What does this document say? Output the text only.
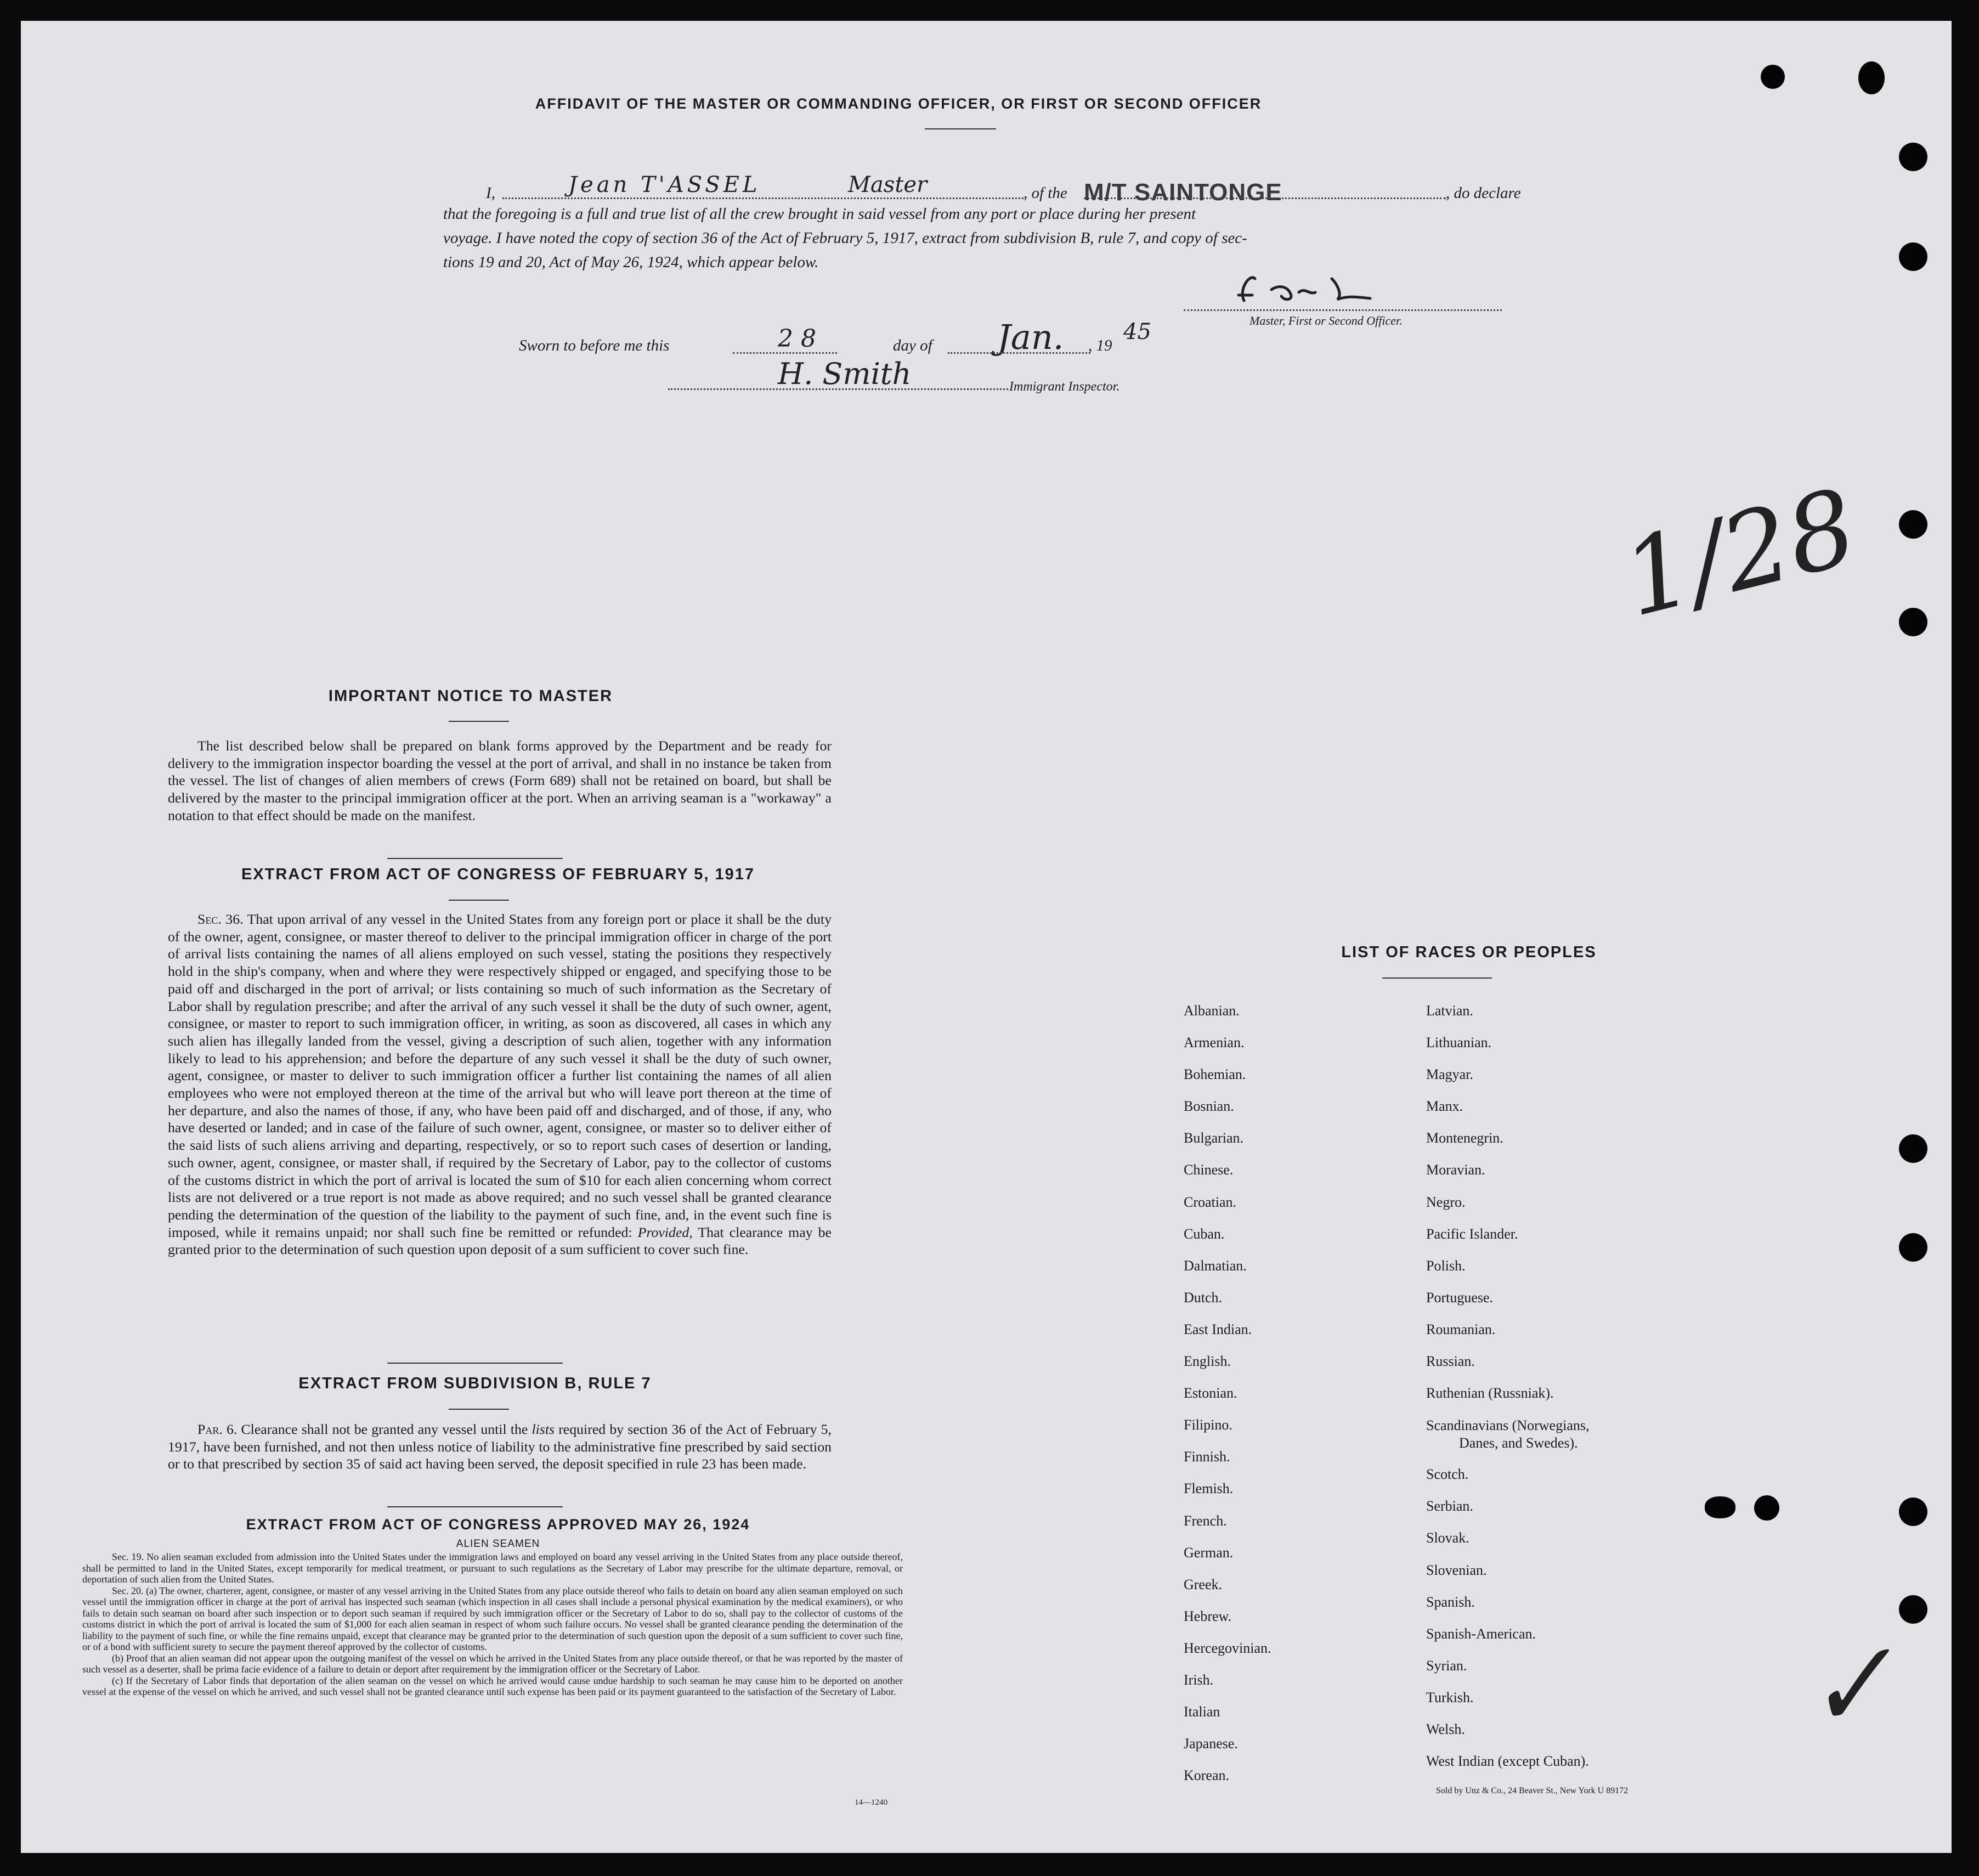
AFFIDAVIT OF THE MASTER OR COMMANDING OFFICER, OR FIRST OR SECOND OFFICER
I,	Jean T'ASSEL	Master	, of the M/T SAINTONGE	, do declare
that the foregoing is a full and true list of all the crew brought in said vessel from any port or place during her present
voyage. I have noted the copy of section 36 of the Act of February 5, 1917, extract from subdivision B, rule 7, and copy of sec-
tions 19 and 20, Act of May 26, 1924, which appear below.
Master, First or Second Officer.
Sworn to before me this	28	day of Jan. , 19
45
H. Smith	Immigrant Inspector.
1/28
✓
IMPORTANT NOTICE TO MASTER
The list described below shall be prepared on blank forms approved by the Department and be ready for delivery to the immigration inspector boarding the vessel at the port of arrival, and shall in no instance be taken from the vessel. The list of changes of alien members of crews (Form 689) shall not be retained on board, but shall be delivered by the master to the principal immigration officer at the port. When an arriving seaman is a "workaway" a notation to that effect should be made on the manifest.
EXTRACT FROM ACT OF CONGRESS OF FEBRUARY 5, 1917
Sec. 36. That upon arrival of any vessel in the United States from any foreign port or place it shall be the duty of the owner, agent, consignee, or master thereof to deliver to the principal immigration officer in charge of the port of arrival lists containing the names of all aliens employed on such vessel, stating the positions they respectively hold in the ship's company, when and where they were respectively shipped or engaged, and specifying those to be paid off and discharged in the port of arrival; or lists containing so much of such information as the Secretary of Labor shall by regulation prescribe; and after the arrival of any such vessel it shall be the duty of such owner, agent, consignee, or master to report to such immigration officer, in writing, as soon as discovered, all cases in which any such alien has illegally landed from the vessel, giving a description of such alien, together with any information likely to lead to his apprehension; and before the departure of any such vessel it shall be the duty of such owner, agent, consignee, or master to deliver to such immigration officer a further list containing the names of all alien employees who were not employed thereon at the time of the arrival but who will leave port thereon at the time of her departure, and also the names of those, if any, who have been paid off and discharged, and of those, if any, who have deserted or landed; and in case of the failure of such owner, agent, consignee, or master so to deliver either of the said lists of such aliens arriving and departing, respectively, or so to report such cases of desertion or landing, such owner, agent, consignee, or master shall, if required by the Secretary of Labor, pay to the collector of customs of the customs district in which the port of arrival is located the sum of $10 for each alien concerning whom correct lists are not delivered or a true report is not made as above required; and no such vessel shall be granted clearance pending the determination of the question of the liability to the payment of such fine, and, in the event such fine is imposed, while it remains unpaid; nor shall such fine be remitted or refunded: Provided, That clearance may be granted prior to the determination of such question upon deposit of a sum sufficient to cover such fine.
EXTRACT FROM SUBDIVISION B, RULE 7
Par. 6. Clearance shall not be granted any vessel until the lists required by section 36 of the Act of February 5, 1917, have been furnished, and not then unless notice of liability to the administrative fine prescribed by said section or to that prescribed by section 35 of said act having been served, the deposit specified in rule 23 has been made.
EXTRACT FROM ACT OF CONGRESS APPROVED MAY 26, 1924
ALIEN SEAMEN
Sec. 19. No alien seaman excluded from admission into the United States under the immigration laws and employed on board any vessel arriving in the United States from any place outside thereof, shall be permitted to land in the United States, except temporarily for medical treatment, or pursuant to such regulations as the Secretary of Labor may prescribe for the ultimate departure, removal, or deportation of such alien from the United States.
Sec. 20. (a) The owner, charterer, agent, consignee, or master of any vessel arriving in the United States from any place outside thereof who fails to detain on board any alien seaman employed on such vessel until the immigration officer in charge at the port of arrival has inspected such seaman (which inspection in all cases shall include a personal physical examination by the medical examiners), or who fails to detain such seaman on board after such inspection or to deport such seaman if required by such immigration officer or the Secretary of Labor to do so, shall pay to the collector of customs of the customs district in which the port of arrival is located the sum of $1,000 for each alien seaman in respect of whom such failure occurs. No vessel shall be granted clearance pending the determination of the liability to the payment of such fine, or while the fine remains unpaid, except that clearance may be granted prior to the determination of such question upon the deposit of a sum sufficient to cover such fine, or of a bond with sufficient surety to secure the payment thereof approved by the collector of customs.
(b) Proof that an alien seaman did not appear upon the outgoing manifest of the vessel on which he arrived in the United States from any place outside thereof, or that he was reported by the master of such vessel as a deserter, shall be prima facie evidence of a failure to detain or deport after requirement by the immigration officer or the Secretary of Labor.
(c) If the Secretary of Labor finds that deportation of the alien seaman on the vessel on which he arrived would cause undue hardship to such seaman he may cause him to be deported on another vessel at the expense of the vessel on which he arrived, and such vessel shall not be granted clearance until such expense has been paid or its payment guaranteed to the satisfaction of the Secretary of Labor.
14—1240
LIST OF RACES OR PEOPLES
Albanian.
Armenian.
Bohemian.
Bosnian.
Bulgarian.
Chinese.
Croatian.
Cuban.
Dalmatian.
Dutch.
East Indian.
English.
Estonian.
Filipino.
Finnish.
Flemish.
French.
German.
Greek.
Hebrew.
Hercegovinian.
Irish.
Italian
Japanese.
Korean.
Latvian.
Lithuanian.
Magyar.
Manx.
Montenegrin.
Moravian.
Negro.
Pacific Islander.
Polish.
Portuguese.
Roumanian.
Russian.
Ruthenian (Russniak).
Scandinavians (Norwegians,
Danes, and Swedes).
Scotch.
Serbian.
Slovak.
Slovenian.
Spanish.
Spanish-American.
Syrian.
Turkish.
Welsh.
West Indian (except Cuban).
Sold by Unz & Co., 24 Beaver St., New York U 89172
